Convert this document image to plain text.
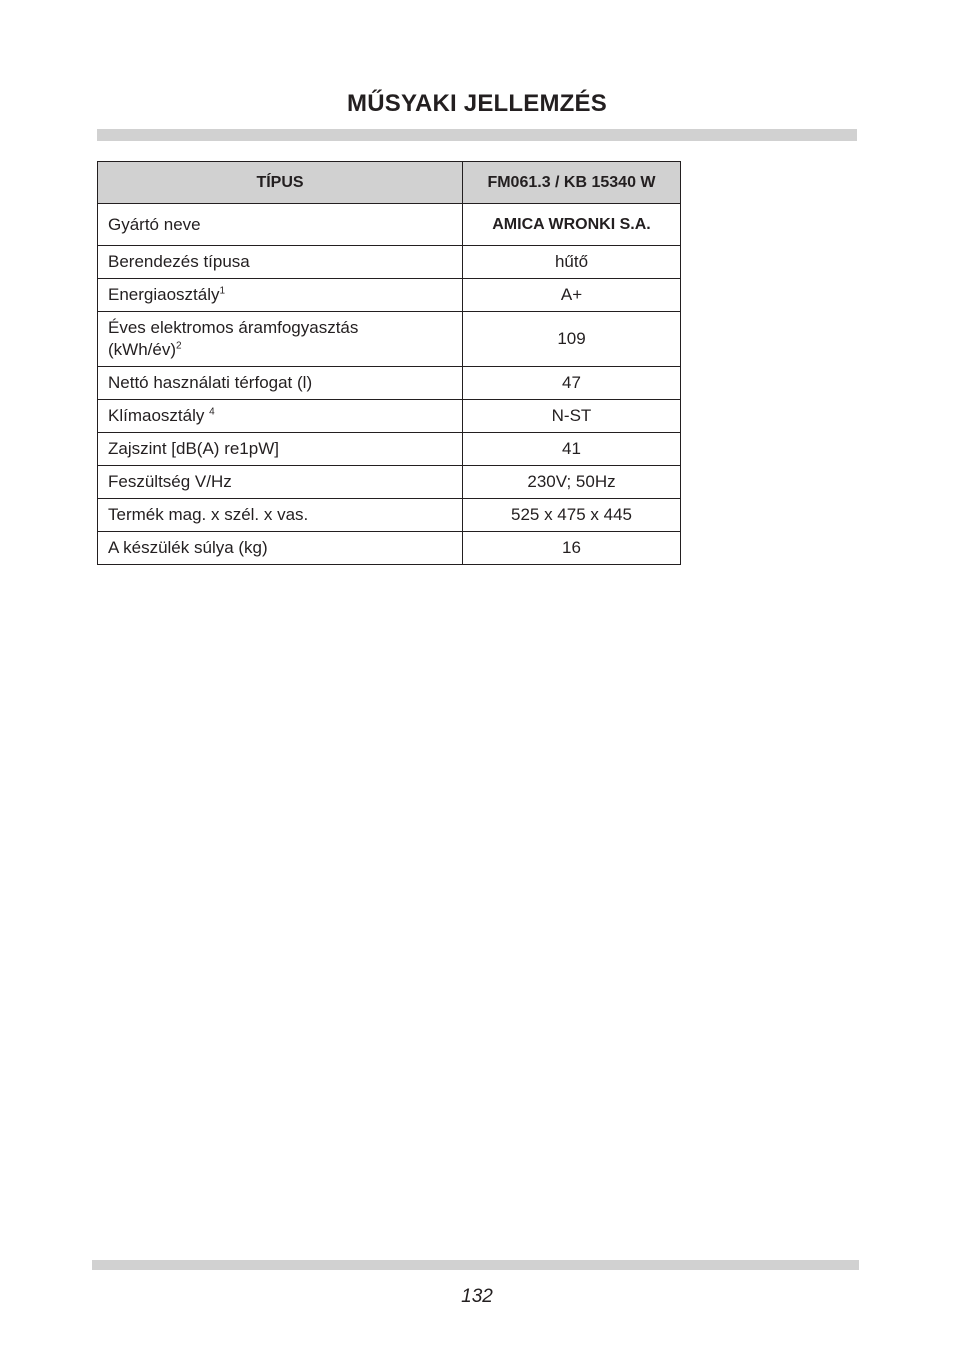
MŰSYAKI JELLEMZÉS
TÍPUS	FM061.3 / KB 15340 W
Gyártó neve	AMICA WRONKI S.A.
Berendezés típusa	hűtő
Energiaosztály$^1$	A+
Éves elektromos áramfogyasztás
(kWh/év)$^2$	109
Nettó használati térfogat (l)	47
Klímaosztály $^4$	N-ST
Zajszint [dB(A) re1pW]	41
Feszültség V/Hz	230V; 50Hz
Termék mag. x szél. x vas.	525 x 475 x 445
A készülék súlya (kg)	16
132
